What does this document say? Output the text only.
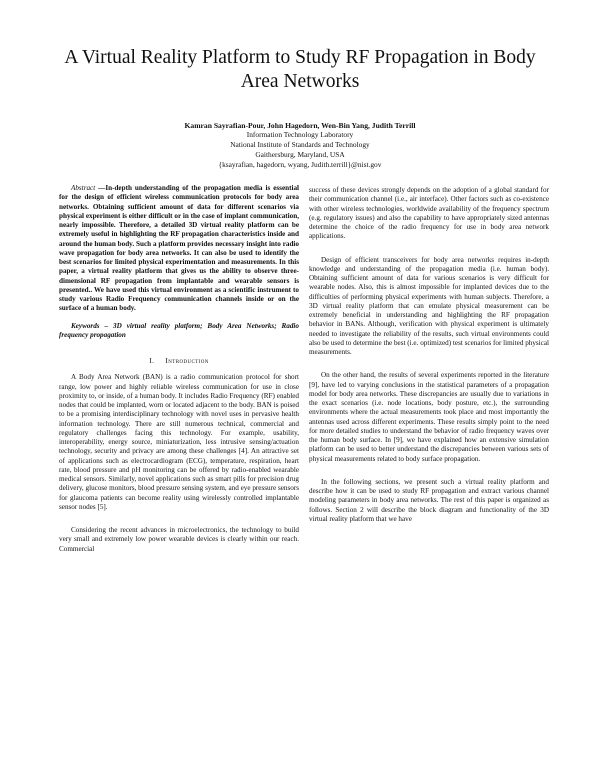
A Virtual Reality Platform to Study RF Propagation in Body Area Networks
Kamran Sayrafian-Pour, John Hagedorn, Wen-Bin Yang, Judith Terrill
Information Technology Laboratory
National Institute of Standards and Technology
Gaithersburg, Maryland, USA
{ksayrafian, hagedorn, wyang, Judith.terrill}@nist.gov

Abstract —In-depth understanding of the propagation media is essential for the design of efficient wireless communication protocols for body area networks. Obtaining sufficient amount of data for different scenarios via physical experiment is either difficult or in the case of implant communication, nearly impossible. Therefore, a detailed 3D virtual reality platform can be extremely useful in highlighting the RF propagation characteristics inside and around the human body. Such a platform provides necessary insight into radio wave propagation for body area networks. It can also be used to identify the best scenarios for limited physical experimentation and measurements. In this paper, a virtual reality platform that gives us the ability to observe three-dimensional RF propagation from implantable and wearable sensors is presented.. We have used this virtual environment as a scientific instrument to study various Radio Frequency communication channels inside or on the surface of a human body.

Keywords – 3D virtual reality platform; Body Area Networks; Radio frequency propagation

I.     Introduction

A Body Area Network (BAN) is a radio communication protocol for short range, low power and highly reliable wireless communication for use in close proximity to, or inside, of a human body. It includes Radio Frequency (RF) enabled nodes that could be implanted, worn or located adjacent to the body. BAN is poised to be a promising interdisciplinary technology with novel uses in pervasive health information technology. There are still numerous technical, commercial and regulatory challenges facing this technology. For example, usability, interoperability, energy source, miniaturization, less intrusive sensing/actuation technology, security and privacy are among these challenges [4]. An attractive set of applications such as electrocardiogram (ECG), temperature, respiration, heart rate, blood pressure and pH monitoring can be offered by radio-enabled wearable medical sensors. Similarly, novel applications such as smart pills for precision drug delivery, glucose monitors, blood pressure sensing system, and eye pressure sensors for glaucoma patients can become reality using wirelessly controlled implantable sensor nodes [5].

Considering the recent advances in microelectronics, the technology to build very small and extremely low power wearable devices is clearly within our reach. Commercial

success of these devices strongly depends on the adoption of a global standard for their communication channel (i.e., air interface). Other factors such as co-existence with other wireless technologies, worldwide availability of the frequency spectrum (e.g. regulatory issues) and also the capability to have appropriately sized antennas determine the choice of the radio frequency for use in body area network applications.

Design of efficient transceivers for body area networks requires in-depth knowledge and understanding of the propagation media (i.e. human body). Obtaining sufficient amount of data for various scenarios is very difficult for wearable nodes. Also, this is almost impossible for implanted devices due to the difficulties of performing physical experiments with human subjects. Therefore, a 3D virtual reality platform that can emulate physical measurement can be extremely beneficial in understanding and highlighting the RF propagation behavior in BANs. Although, verification with physical experiment is ultimately needed to investigate the reliability of the results, such virtual environments could also be used to determine the best (i.e. optimized) test scenarios for limited physical measurements.

On the other hand, the results of several experiments reported in the literature [9], have led to varying conclusions in the statistical parameters of a propagation model for body area networks. These discrepancies are usually due to variations in the exact scenarios (i.e. node locations, body posture, etc.), the surrounding environments where the actual measurements took place and most importantly the antennas used across different experiments. These results simply point to the need for more detailed studies to understand the behavior of radio frequency waves over the human body surface. In [9], we have explained how an extensive simulation platform can be used to better understand the discrepancies between various sets of physical measurements related to body surface propagation.

In the following sections, we present such a virtual reality platform and describe how it can be used to study RF propagation and extract various channel modeling parameters in body area networks. The rest of this paper is organized as follows. Section 2 will describe the block diagram and functionality of the 3D virtual reality platform that we have
